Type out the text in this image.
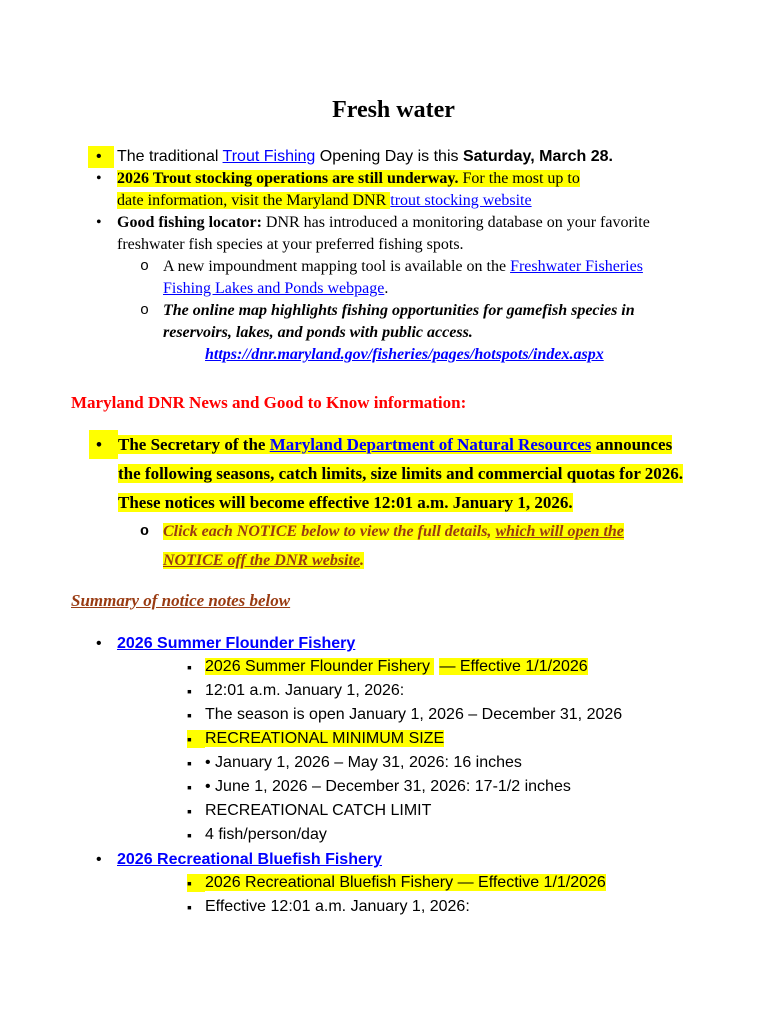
Fresh water
• The traditional Trout Fishing Opening Day is this Saturday, March 28.
• 2026 Trout stocking operations are still underway. For the most up to
date information, visit the Maryland DNR trout stocking website
• Good fishing locator: DNR has introduced a monitoring database on your favorite
freshwater fish species at your preferred fishing spots.
o A new impoundment mapping tool is available on the Freshwater Fisheries
Fishing Lakes and Ponds webpage.
o The online map highlights fishing opportunities for gamefish species in
reservoirs, lakes, and ponds with public access.
https://dnr.maryland.gov/fisheries/pages/hotspots/index.aspx
Maryland DNR News and Good to Know information:
• The Secretary of the Maryland Department of Natural Resources announces
the following seasons, catch limits, size limits and commercial quotas for 2026.
These notices will become effective 12:01 a.m. January 1, 2026.
o Click each NOTICE below to view the full details, which will open the
NOTICE off the DNR website.
Summary of notice notes below
• 2026 Summer Flounder Fishery
▪ 2026 Summer Flounder Fishery — Effective 1/1/2026
▪ 12:01 a.m. January 1, 2026:
▪ The season is open January 1, 2026 – December 31, 2026
▪ RECREATIONAL MINIMUM SIZE
▪ • January 1, 2026 – May 31, 2026: 16 inches
▪ • June 1, 2026 – December 31, 2026: 17-1/2 inches
▪ RECREATIONAL CATCH LIMIT
▪ 4 fish/person/day
• 2026 Recreational Bluefish Fishery
▪ 2026 Recreational Bluefish Fishery — Effective 1/1/2026
▪ Effective 12:01 a.m. January 1, 2026:
